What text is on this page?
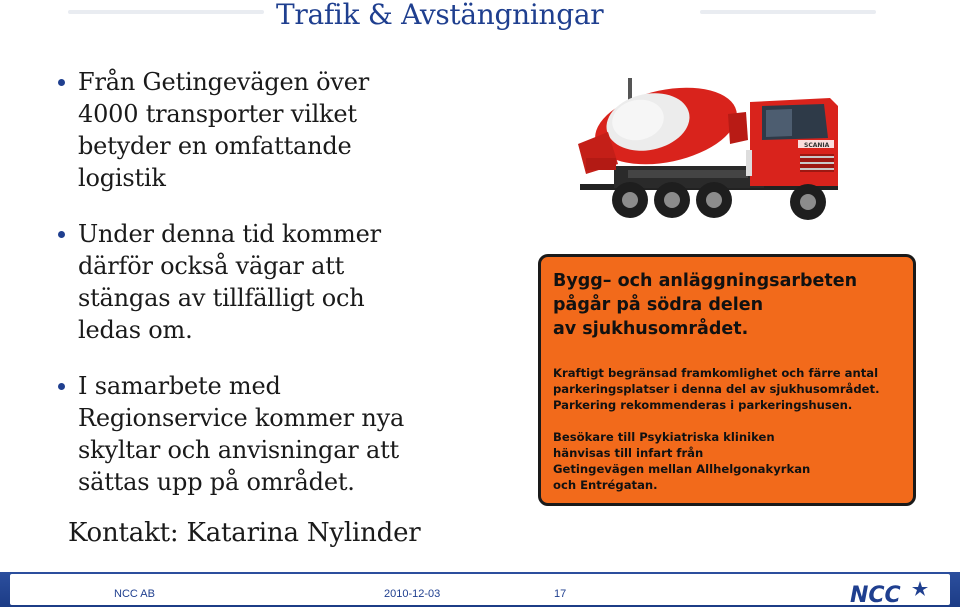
Trafik & Avstängningar
Från Getingevägen över
4000 transporter vilket
betyder en omfattande
logistik
Under denna tid kommer
därför också vägar att
stängas av tillfälligt och
ledas om.
I samarbete med
Regionservice kommer nya
skyltar och anvisningar att
sättas upp på området.
Kontakt: Katarina Nylinder
SCANIA
Bygg– och anläggningsarbeten
pågår på södra delen
av sjukhusområdet.
Kraftigt begränsad framkomlighet och färre antal
parkeringsplatser i denna del av sjukhusområdet.
Parkering rekommenderas i parkeringshusen.
Besökare till Psykiatriska kliniken
hänvisas till infart från
Getingevägen mellan Allhelgonakyrkan
och Entrégatan.
NCC AB	2010-12-03	17	NCC
